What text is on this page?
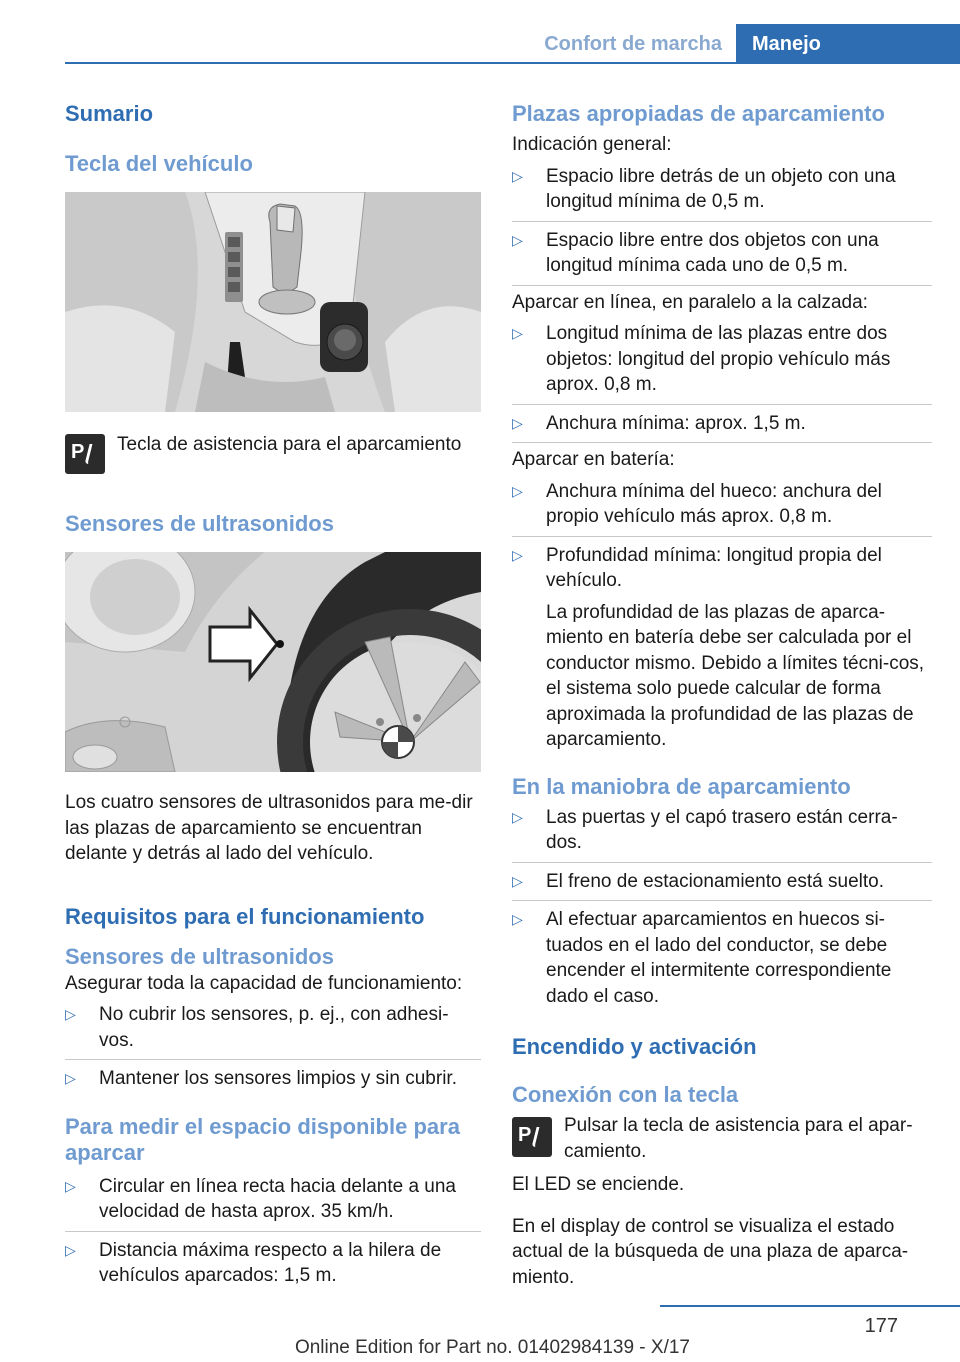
Confort de marcha	Manejo
Sumario
Tecla del vehículo
P Tecla de asistencia para el aparcamiento

Sensores de ultrasonidos

Los cuatro sensores de ultrasonidos para me-dir las plazas de aparcamiento se encuentran delante y detrás al lado del vehículo.

Requisitos para el funcionamiento
Sensores de ultrasonidos

Asegurar toda la capacidad de funcionamiento:

▷ No cubrir los sensores, p. ej., con adhesi-vos.
▷ Mantener los sensores limpios y sin cubrir.
Para medir el espacio disponible para aparcar
▷ Circular en línea recta hacia delante a una velocidad de hasta aprox. 35 km/h.
▷ Distancia máxima respecto a la hilera de vehículos aparcados: 1,5 m.
Plazas apropiadas de aparcamiento

Indicación general:

▷ Espacio libre detrás de un objeto con una longitud mínima de 0,5 m.
▷ Espacio libre entre dos objetos con una longitud mínima cada uno de 0,5 m.

Aparcar en línea, en paralelo a la calzada:

▷ Longitud mínima de las plazas entre dos objetos: longitud del propio vehículo más aprox. 0,8 m.
▷ Anchura mínima: aprox. 1,5 m.

Aparcar en batería:

▷ Anchura mínima del hueco: anchura del propio vehículo más aprox. 0,8 m.
▷ Profundidad mínima: longitud propia del vehículo.

La profundidad de las plazas de aparca-miento en batería debe ser calculada por el conductor mismo. Debido a límites técni-cos, el sistema solo puede calcular de forma aproximada la profundidad de las plazas de aparcamiento.

En la maniobra de aparcamiento
▷ Las puertas y el capó trasero están cerra-dos.
▷ El freno de estacionamiento está suelto.
▷ Al efectuar aparcamientos en huecos si-tuados en el lado del conductor, se debe encender el intermitente correspondiente dado el caso.
Encendido y activación
Conexión con la tecla
P Pulsar la tecla de asistencia para el apar-camiento.

El LED se enciende.

En el display de control se visualiza el estado actual de la búsqueda de una plaza de aparca-miento.

177
Online Edition for Part no. 01402984139 - X/17
